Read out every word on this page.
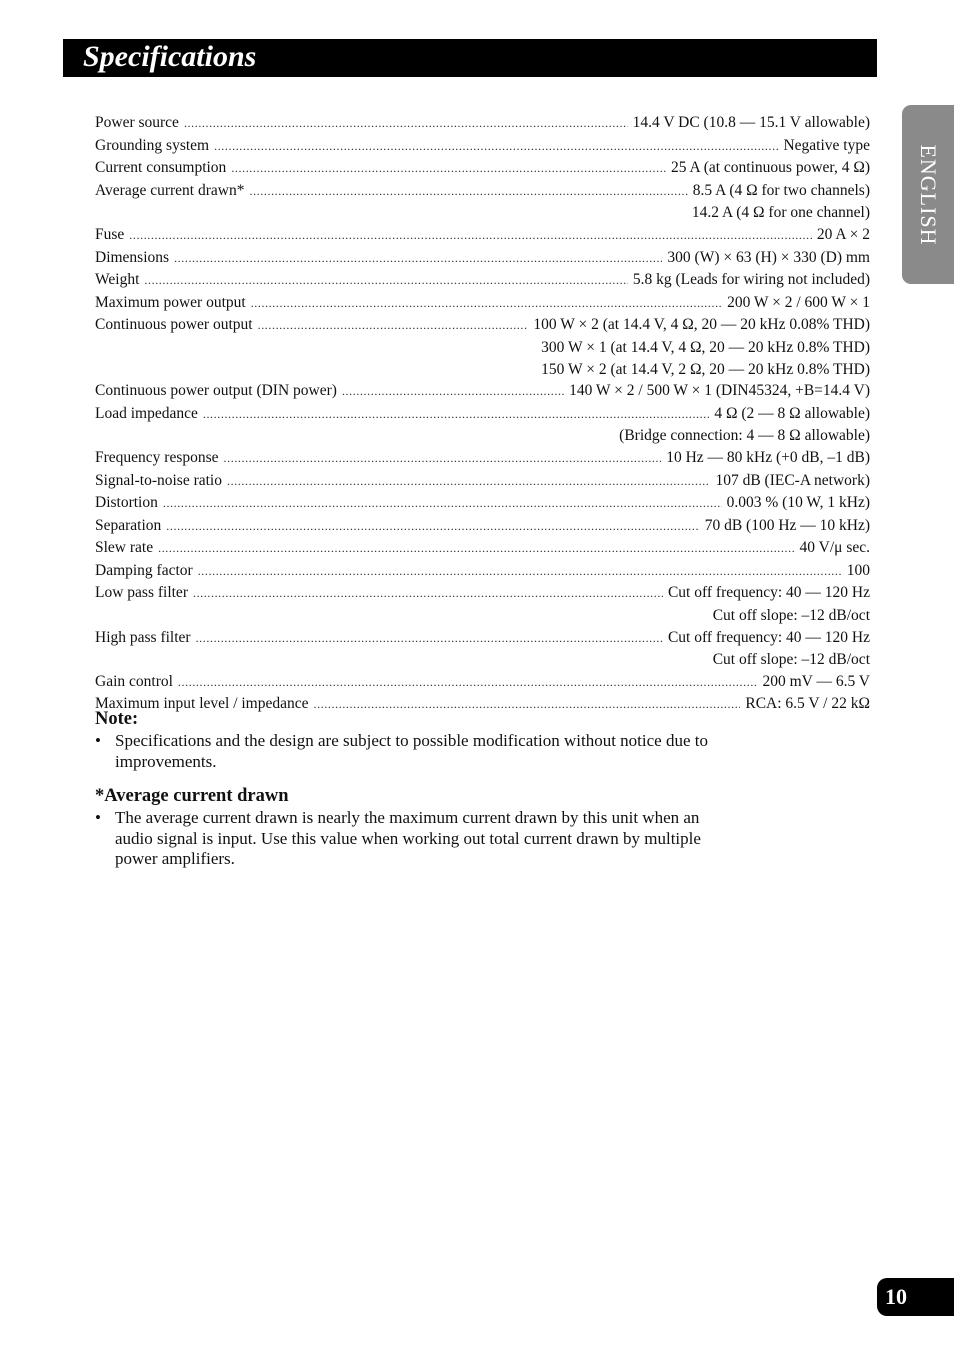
Specifications
ENGLISH
Power source .....	14.4 V DC (10.8 — 15.1 V allowable)
Grounding system .....	Negative type
Current consumption .....	25 A (at continuous power, 4 Ω)
Average current drawn* .....	8.5 A (4 Ω for two channels)
14.2 A (4 Ω for one channel)
Fuse .....	20 A × 2
Dimensions .....	300 (W) × 63 (H) × 330 (D) mm
Weight .....	5.8 kg (Leads for wiring not included)
Maximum power output .....	200 W × 2 / 600 W × 1
Continuous power output .....	100 W × 2 (at 14.4 V, 4 Ω, 20 — 20 kHz 0.08% THD)
300 W × 1 (at 14.4 V, 4 Ω, 20 — 20 kHz 0.8% THD)
150 W × 2 (at 14.4 V, 2 Ω, 20 — 20 kHz 0.8% THD)
Continuous power output (DIN power) .....	140 W × 2 / 500 W × 1 (DIN45324, +B=14.4 V)
Load impedance .....	4 Ω (2 — 8 Ω allowable)
(Bridge connection: 4 — 8 Ω allowable)
Frequency response .....	10 Hz — 80 kHz (+0 dB, –1 dB)
Signal-to-noise ratio .....	107 dB (IEC-A network)
Distortion .....	0.003 % (10 W, 1 kHz)
Separation .....	70 dB (100 Hz — 10 kHz)
Slew rate .....	40 V/μ sec.
Damping factor .....	100
Low pass filter .....	Cut off frequency: 40 — 120 Hz
Cut off slope: –12 dB/oct
High pass filter .....	Cut off frequency: 40 — 120 Hz
Cut off slope: –12 dB/oct
Gain control .....	200 mV — 6.5 V
Maximum input level / impedance .....	RCA: 6.5 V / 22 kΩ
Note:
• Specifications and the design are subject to possible modification without notice due to improvements.
*Average current drawn
• The average current drawn is nearly the maximum current drawn by this unit when an audio signal is input. Use this value when working out total current drawn by multiple power amplifiers.
10
